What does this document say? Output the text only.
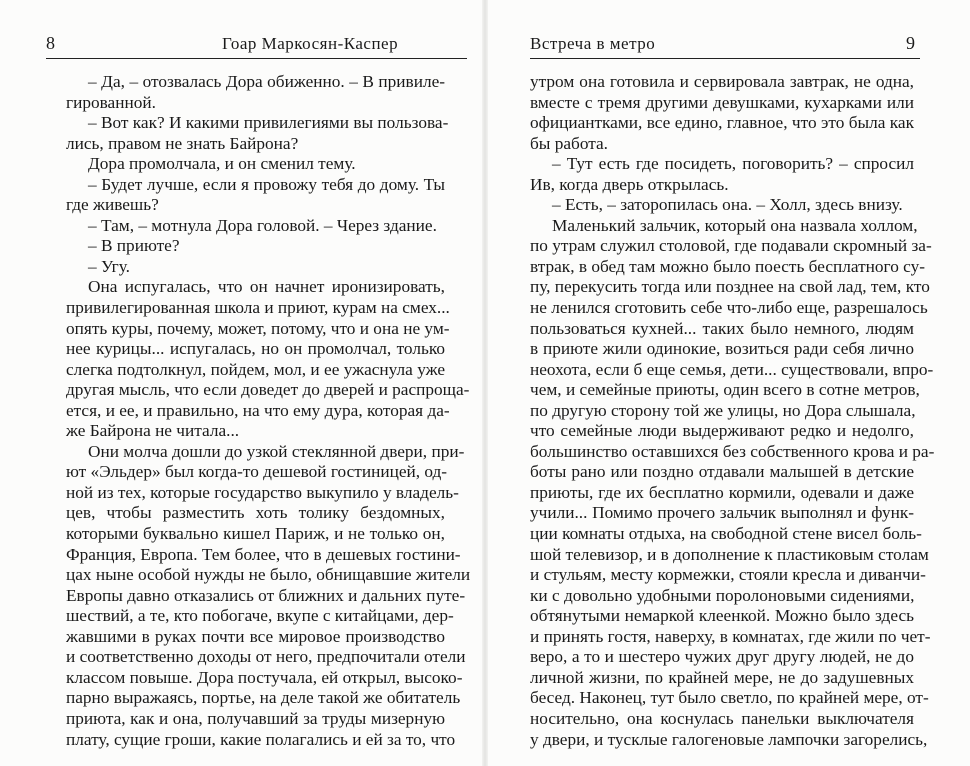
8	Гоар Маркосян-Каспер
– Да, – отозвалась Дора обиженно. – В привиле-
гированной.
– Вот как? И какими привилегиями вы пользова-
лись, правом не знать Байрона?
Дора промолчала, и он сменил тему.
– Будет лучше, если я провожу тебя до дому. Ты
где живешь?
– Там, – мотнула Дора головой. – Через здание.
– В приюте?
– Угу.
Она испугалась, что он начнет иронизировать,
привилегированная школа и приют, курам на смех...
опять куры, почему, может, потому, что и она не ум-
нее курицы... испугалась, но он промолчал, только
слегка подтолкнул, пойдем, мол, и ее ужаснула уже
другая мысль, что если доведет до дверей и распроща-
ется, и ее, и правильно, на что ему дура, которая да-
же Байрона не читала...
Они молча дошли до узкой стеклянной двери, при-
ют «Эльдер» был когда-то дешевой гостиницей, од-
ной из тех, которые государство выкупило у владель-
цев, чтобы разместить хоть толику бездомных,
которыми буквально кишел Париж, и не только он,
Франция, Европа. Тем более, что в дешевых гостини-
цах ныне особой нужды не было, обнищавшие жители
Европы давно отказались от ближних и дальних путе-
шествий, а те, кто побогаче, вкупе с китайцами, дер-
жавшими в руках почти все мировое производство
и соответственно доходы от него, предпочитали отели
классом повыше. Дора постучала, ей открыл, высоко-
парно выражаясь, портье, на деле такой же обитатель
приюта, как и она, получавший за труды мизерную
плату, сущие гроши, какие полагались и ей за то, что
Встреча в метро	9
утром она готовила и сервировала завтрак, не одна,
вместе с тремя другими девушками, кухарками или
официантками, все едино, главное, что это была как
бы работа.
– Тут есть где посидеть, поговорить? – спросил
Ив, когда дверь открылась.
– Есть, – заторопилась она. – Холл, здесь внизу.
Маленький зальчик, который она назвала холлом,
по утрам служил столовой, где подавали скромный за-
втрак, в обед там можно было поесть бесплатного су-
пу, перекусить тогда или позднее на свой лад, тем, кто
не ленился сготовить себе что-либо еще, разрешалось
пользоваться кухней... таких было немного, людям
в приюте жили одинокие, возиться ради себя лично
неохота, если б еще семья, дети... существовали, впро-
чем, и семейные приюты, один всего в сотне метров,
по другую сторону той же улицы, но Дора слышала,
что семейные люди выдерживают редко и недолго,
большинство оставшихся без собственного крова и ра-
боты рано или поздно отдавали малышей в детские
приюты, где их бесплатно кормили, одевали и даже
учили... Помимо прочего зальчик выполнял и функ-
ции комнаты отдыха, на свободной стене висел боль-
шой телевизор, и в дополнение к пластиковым столам
и стульям, месту кормежки, стояли кресла и диванчи-
ки с довольно удобными поролоновыми сидениями,
обтянутыми немаркой клеенкой. Можно было здесь
и принять гостя, наверху, в комнатах, где жили по чет-
веро, а то и шестеро чужих друг другу людей, не до
личной жизни, по крайней мере, не до задушевных
бесед. Наконец, тут было светло, по крайней мере, от-
носительно, она коснулась панельки выключателя
у двери, и тусклые галогеновые лампочки загорелись,
